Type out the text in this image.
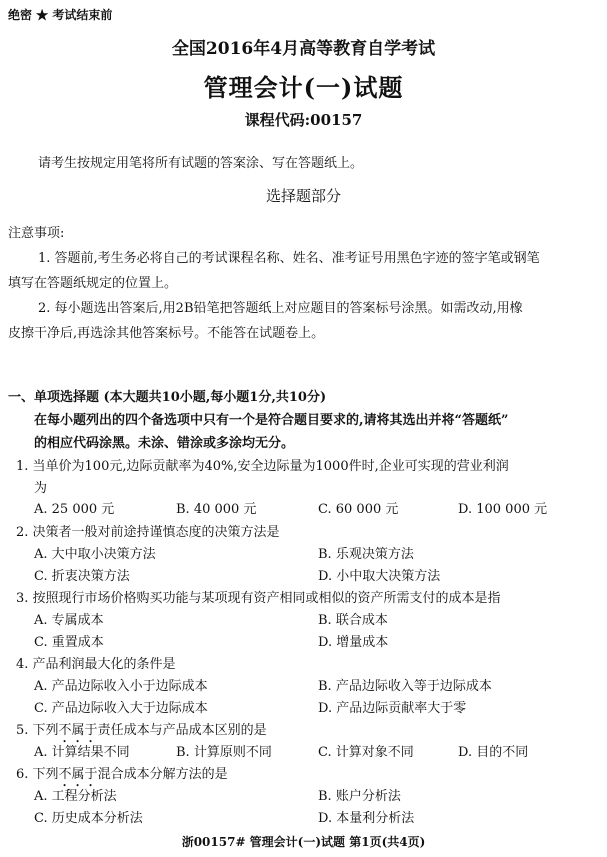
绝密 ★ 考试结束前
全国2016年4月高等教育自学考试
管理会计(一)试题
课程代码:00157
请考生按规定用笔将所有试题的答案涂、写在答题纸上。
选择题部分
注意事项:
1. 答题前,考生务必将自己的考试课程名称、姓名、准考证号用黑色字迹的签字笔或钢笔
填写在答题纸规定的位置上。
2. 每小题选出答案后,用2B铅笔把答题纸上对应题目的答案标号涂黑。如需改动,用橡
皮擦干净后,再选涂其他答案标号。不能答在试题卷上。
一、单项选择题 (本大题共10小题,每小题1分,共10分)
在每小题列出的四个备选项中只有一个是符合题目要求的,请将其选出并将“答题纸”
的相应代码涂黑。未涂、错涂或多涂均无分。
1. 当单价为100元,边际贡献率为40%,安全边际量为1000件时,企业可实现的营业利润
为
A. 25 000 元	B. 40 000 元	C. 60 000 元	D. 100 000 元
2. 决策者一般对前途持谨慎态度的决策方法是
A. 大中取小决策方法	B. 乐观决策方法
C. 折衷决策方法	D. 小中取大决策方法
3. 按照现行市场价格购买功能与某项现有资产相同或相似的资产所需支付的成本是指
A. 专属成本	B. 联合成本
C. 重置成本	D. 增量成本
4. 产品利润最大化的条件是
A. 产品边际收入小于边际成本	B. 产品边际收入等于边际成本
C. 产品边际收入大于边际成本	D. 产品边际贡献率大于零
5. 下列不属于责任成本与产品成本区别的是
A. 计算结果不同	B. 计算原则不同	C. 计算对象不同	D. 目的不同
6. 下列不属于混合成本分解方法的是
A. 工程分析法	B. 账户分析法
C. 历史成本分析法	D. 本量利分析法
浙00157# 管理会计(一)试题 第1页(共4页)
